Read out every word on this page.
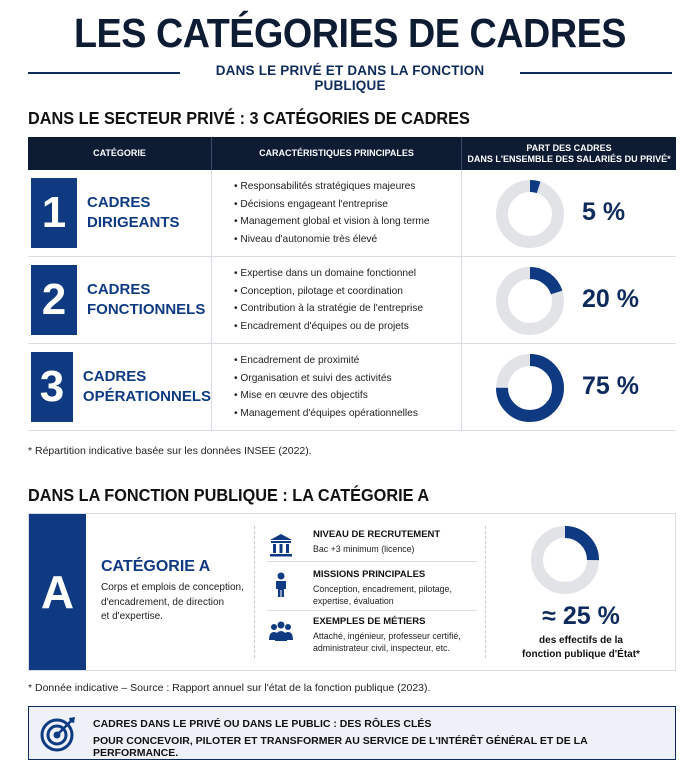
LES CATÉGORIES DE CADRES
DANS LE PRIVÉ ET DANS LA FONCTION PUBLIQUE
DANS LE SECTEUR PRIVÉ : 3 CATÉGORIES DE CADRES
CATÉGORIE	CARACTÉRISTIQUES PRINCIPALES
PART DES CADRES
DANS L'ENSEMBLE DES SALARIÉS DU PRIVÉ*
1	CADRES
DIRIGEANTS
• Responsabilités stratégiques majeures
• Décisions engageant l'entreprise
• Management global et vision à long terme
• Niveau d'autonomie très élevé
5 %
2	CADRES
FONCTIONNELS
• Expertise dans un domaine fonctionnel
• Conception, pilotage et coordination
• Contribution à la stratégie de l'entreprise
• Encadrement d'équipes ou de projets
20 %
3	CADRES
OPÉRATIONNELS
• Encadrement de proximité
• Organisation et suivi des activités
• Mise en œuvre des objectifs
• Management d'équipes opérationnelles
75 %
* Répartition indicative basée sur les données INSEE (2022).
DANS LA FONCTION PUBLIQUE : LA CATÉGORIE A
A	CATÉGORIE A
Corps et emplois de conception,
d'encadrement, de direction
et d'expertise.
NIVEAU DE RECRUTEMENT
Bac +3 minimum (licence)
MISSIONS PRINCIPALES
Conception, encadrement, pilotage,
expertise, évaluation
EXEMPLES DE MÉTIERS
Attaché, ingénieur, professeur certifié,
administrateur civil, inspecteur, etc.
≈ 25 %
des effectifs de la
fonction publique d'État*
* Donnée indicative – Source : Rapport annuel sur l'état de la fonction publique (2023).
CADRES DANS LE PRIVÉ OU DANS LE PUBLIC : DES RÔLES CLÉS
POUR CONCEVOIR, PILOTER ET TRANSFORMER AU SERVICE DE L'INTÉRÊT GÉNÉRAL ET DE LA PERFORMANCE.
